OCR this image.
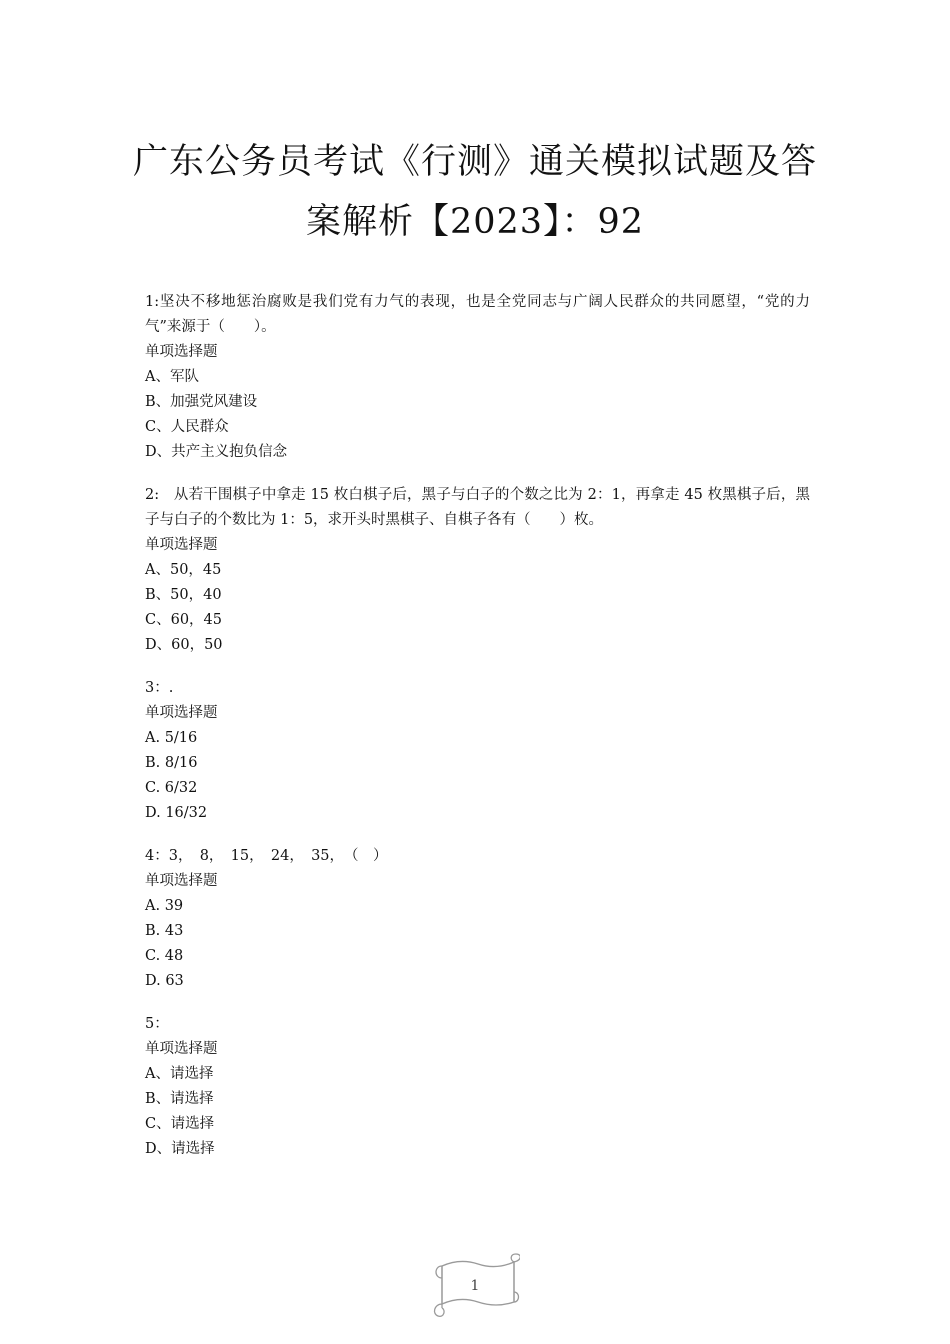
广东公务员考试《行测》通关模拟试题及答
案解析【2023】：92
1:坚决不移地惩治腐败是我们党有力气的表现，也是全党同志与广阔人民群众的共同愿望，“党的力气”来源于（　　）。
单项选择题
A、军队
B、加强党风建设
C、人民群众
D、共产主义抱负信念
2:　从若干围棋子中拿走 15 枚白棋子后，黑子与白子的个数之比为 2：1，再拿走 45 枚黑棋子后，黑子与白子的个数比为 1：5，求开头时黑棋子、自棋子各有（　　）枚。
单项选择题
A、50，45
B、50，40
C、60，45
D、60，50
3：.
单项选择题
A. 5/16
B. 8/16
C. 6/32
D. 16/32
4：3，　8，　15，　24，　35，　（　）
单项选择题
A. 39
B. 43
C. 48
D. 63
5：
单项选择题
A、请选择
B、请选择
C、请选择
D、请选择
1
